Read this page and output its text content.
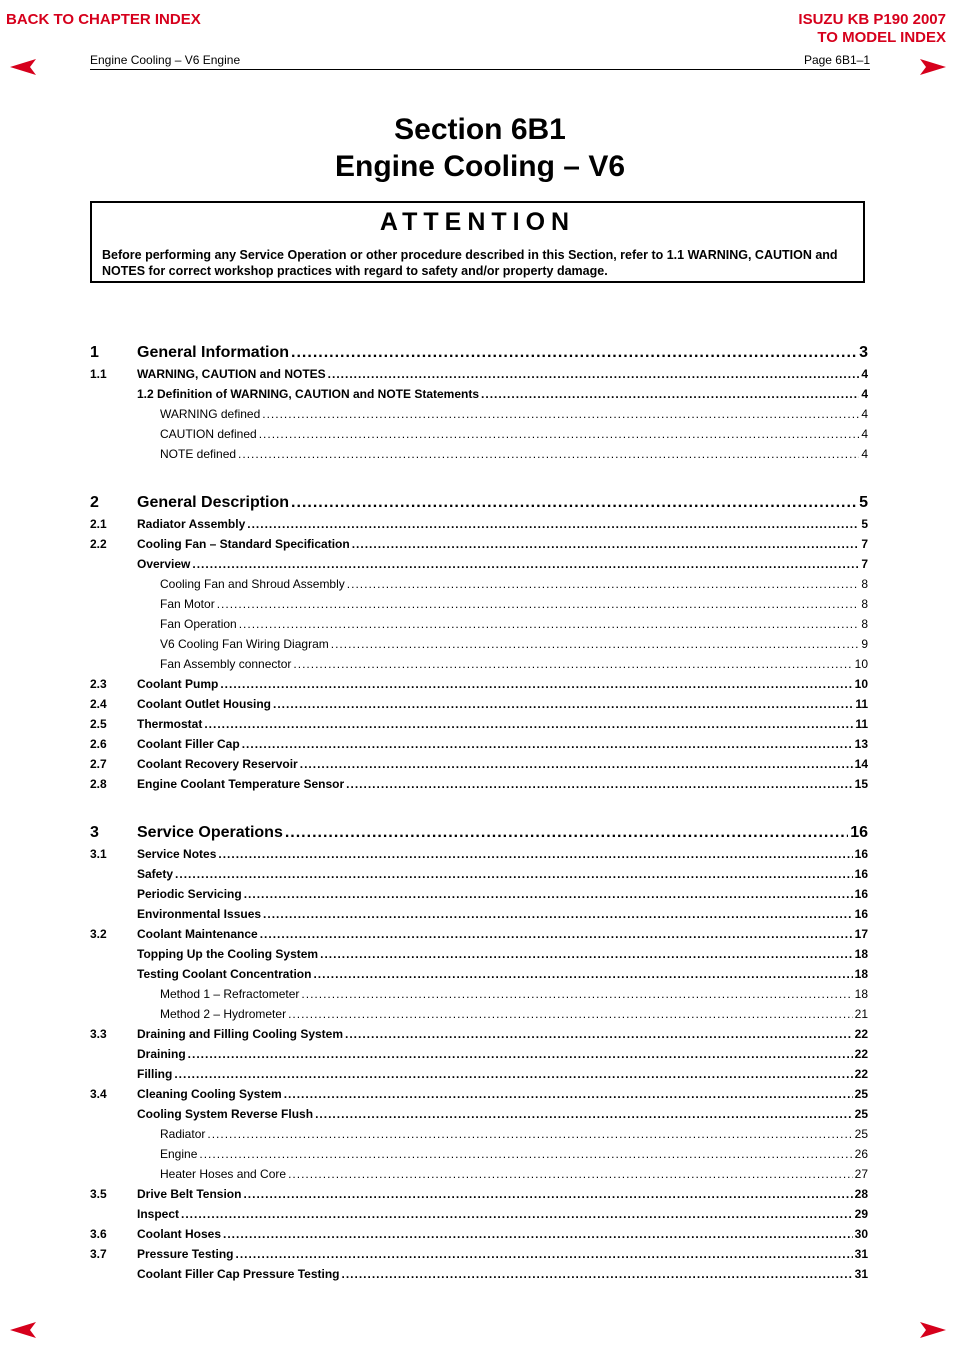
BACK TO CHAPTER INDEX	ISUZU KB P190 2007
TO MODEL INDEX
Engine Cooling – V6 Engine	Page 6B1–1
Section 6B1
Engine Cooling – V6
ATTENTION
Before performing any Service Operation or other procedure described in this Section, refer to 1.1 WARNING, CAUTION and NOTES for correct workshop practices with regard to safety and/or property damage.
1	General Information .....	3
1.1	WARNING, CAUTION and NOTES .....	4
1.2 Definition of WARNING, CAUTION and NOTE Statements .....	4
WARNING defined .....	4
CAUTION defined .....	4
NOTE defined .....	4
2	General Description .....	5
2.1	Radiator Assembly .....	5
2.2	Cooling Fan – Standard Specification .....	7
Overview .....	7
Cooling Fan and Shroud Assembly .....	8
Fan Motor .....	8
Fan Operation .....	8
V6 Cooling Fan Wiring Diagram .....	9
Fan Assembly connector .....	10
2.3	Coolant Pump .....	10
2.4	Coolant Outlet Housing .....	11
2.5	Thermostat .....	11
2.6	Coolant Filler Cap .....	13
2.7	Coolant Recovery Reservoir .....	14
2.8	Engine Coolant Temperature Sensor .....	15
3	Service Operations .....	16
3.1	Service Notes .....	16
Safety .....	16
Periodic Servicing .....	16
Environmental Issues .....	16
3.2	Coolant Maintenance .....	17
Topping Up the Cooling System .....	18
Testing Coolant Concentration .....	18
Method 1 – Refractometer .....	18
Method 2 – Hydrometer .....	21
3.3	Draining and Filling Cooling System .....	22
Draining .....	22
Filling .....	22
3.4	Cleaning Cooling System .....	25
Cooling System Reverse Flush .....	25
Radiator .....	25
Engine .....	26
Heater Hoses and Core .....	27
3.5	Drive Belt Tension .....	28
Inspect .....	29
3.6	Coolant Hoses .....	30
3.7	Pressure Testing .....	31
Coolant Filler Cap Pressure Testing .....	31
